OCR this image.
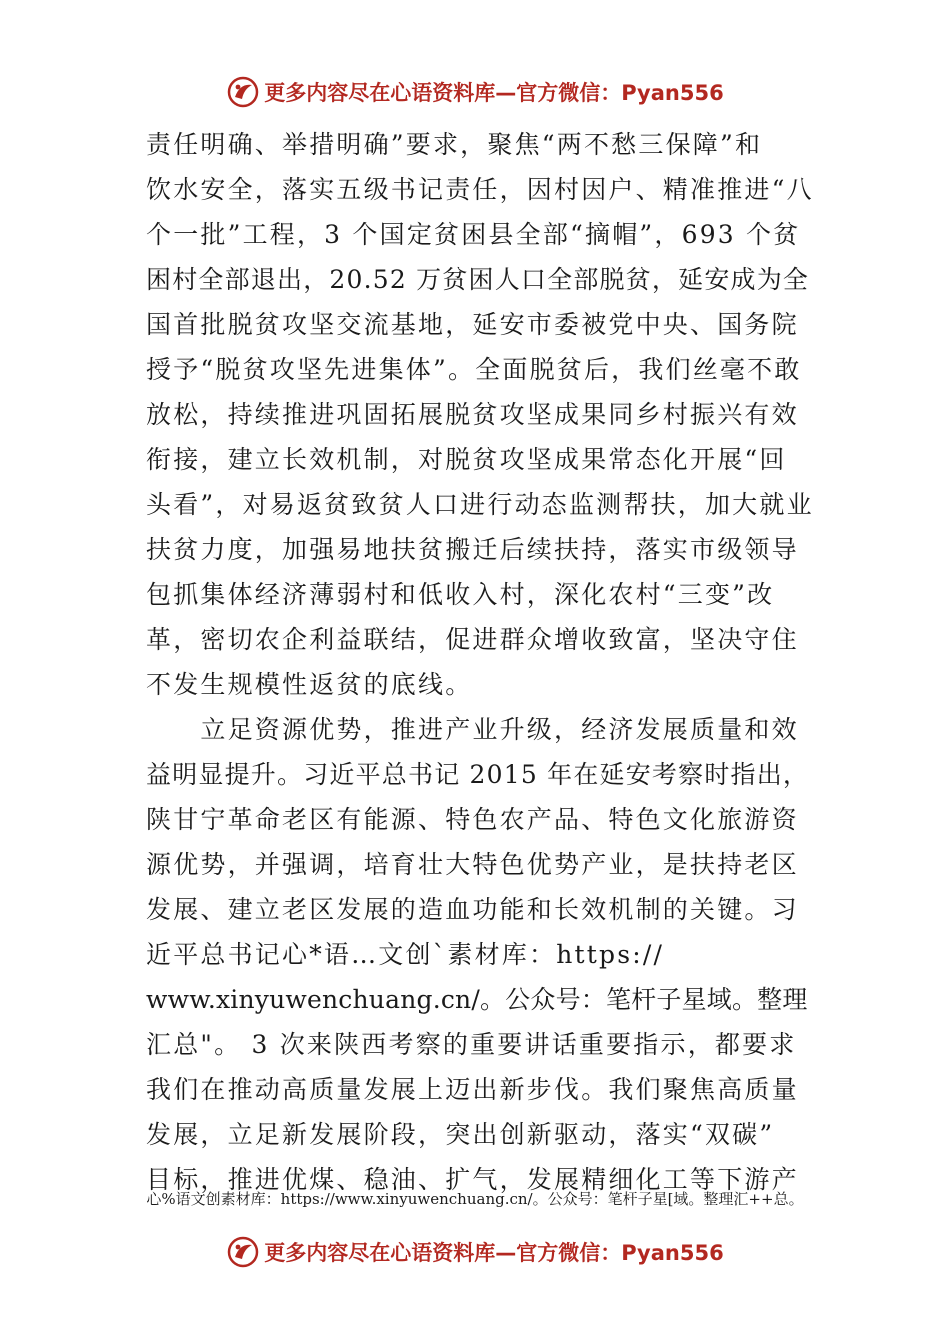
更多内容尽在心语资料库—官方微信：Pyan556
责任明确、举措明确”要求，聚焦“两不愁三保障”和
饮水安全，落实五级书记责任，因村因户、精准推进“八
个一批”工程，3 个国定贫困县全部“摘帽”，693 个贫
困村全部退出，20.52 万贫困人口全部脱贫，延安成为全
国首批脱贫攻坚交流基地，延安市委被党中央、国务院
授予“脱贫攻坚先进集体”。全面脱贫后，我们丝毫不敢
放松，持续推进巩固拓展脱贫攻坚成果同乡村振兴有效
衔接，建立长效机制，对脱贫攻坚成果常态化开展“回
头看”，对易返贫致贫人口进行动态监测帮扶，加大就业
扶贫力度，加强易地扶贫搬迁后续扶持，落实市级领导
包抓集体经济薄弱村和低收入村，深化农村“三变”改
革，密切农企利益联结，促进群众增收致富，坚决守住
不发生规模性返贫的底线。
　　立足资源优势，推进产业升级，经济发展质量和效
益明显提升。习近平总书记 2015 年在延安考察时指出，
陕甘宁革命老区有能源、特色农产品、特色文化旅游资
源优势，并强调，培育壮大特色优势产业，是扶持老区
发展、建立老区发展的造血功能和长效机制的关键。习
近平总书记心*语…文创`素材库：https://
www.xinyuwenchuang.cn/。公众号：笔杆子星域。整理
汇总"。 3 次来陕西考察的重要讲话重要指示，都要求
我们在推动高质量发展上迈出新步伐。我们聚焦高质量
发展，立足新发展阶段，突出创新驱动，落实“双碳”
目标，推进优煤、稳油、扩气，发展精细化工等下游产
心%语文创素材库：https://www.xinyuwenchuang.cn/。公众号：笔杆子星[域。整理汇++总。
更多内容尽在心语资料库—官方微信：Pyan556
